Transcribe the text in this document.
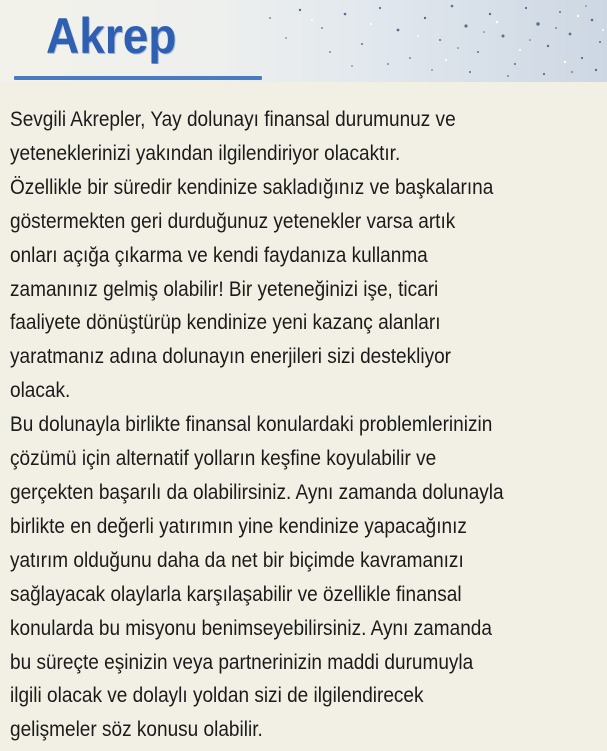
Akrep
Sevgili Akrepler, Yay dolunayı finansal durumunuz ve
yeteneklerinizi yakından ilgilendiriyor olacaktır.
Özellikle bir süredir kendinize sakladığınız ve başkalarına
göstermekten geri durduğunuz yetenekler varsa artık
onları açığa çıkarma ve kendi faydanıza kullanma
zamanınız gelmiş olabilir! Bir yeteneğinizi işe, ticari
faaliyete dönüştürüp kendinize yeni kazanç alanları
yaratmanız adına dolunayın enerjileri sizi destekliyor
olacak.
Bu dolunayla birlikte finansal konulardaki problemlerinizin
çözümü için alternatif yolların keşfine koyulabilir ve
gerçekten başarılı da olabilirsiniz. Aynı zamanda dolunayla
birlikte en değerli yatırımın yine kendinize yapacağınız
yatırım olduğunu daha da net bir biçimde kavramanızı
sağlayacak olaylarla karşılaşabilir ve özellikle finansal
konularda bu misyonu benimseyebilirsiniz. Aynı zamanda
bu süreçte eşinizin veya partnerinizin maddi durumuyla
ilgili olacak ve dolaylı yoldan sizi de ilgilendirecek
gelişmeler söz konusu olabilir.
